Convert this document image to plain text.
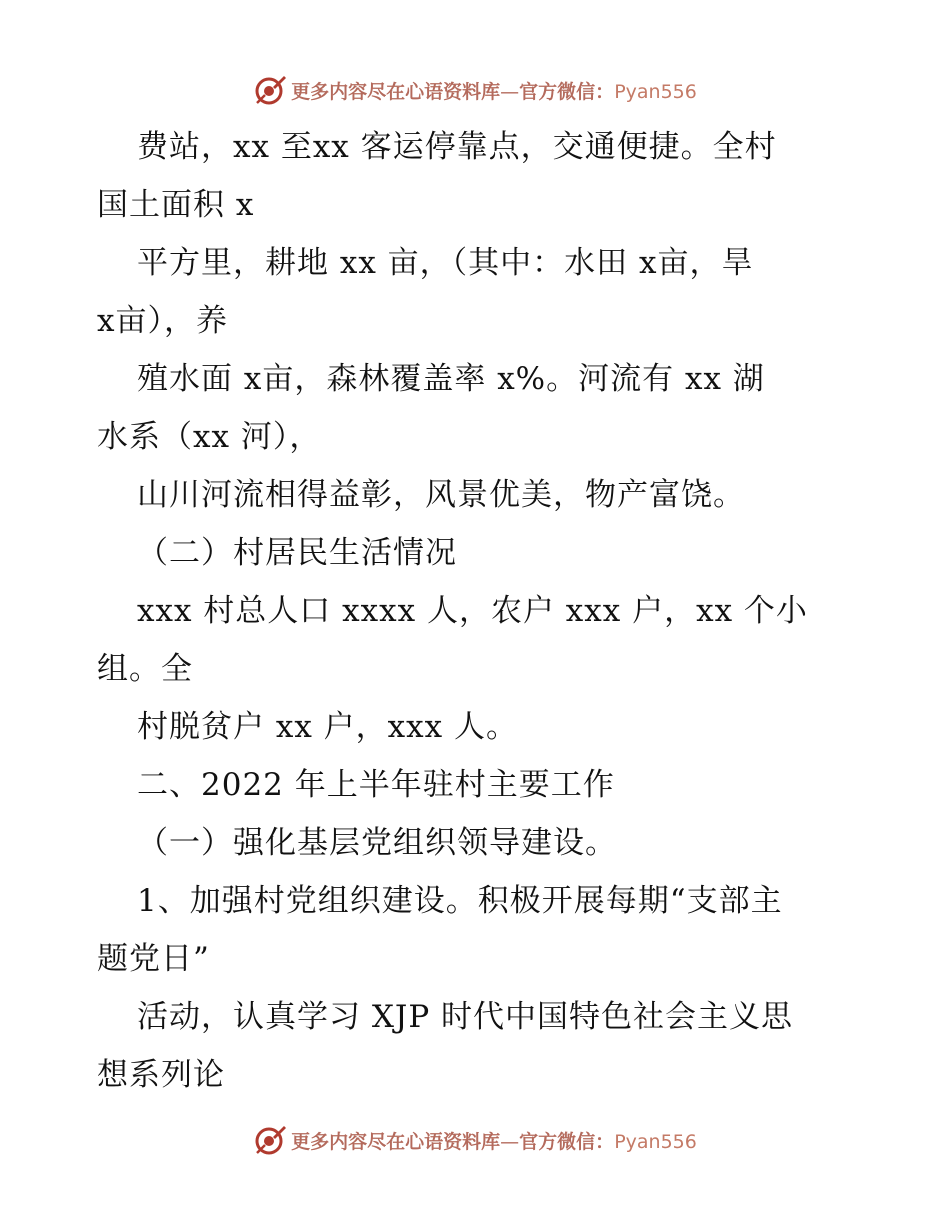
更多内容尽在心语资料库—官方微信：Pyan556
费站，xx 至xx 客运停靠点，交通便捷。全村
国土面积 x
平方里，耕地 xx 亩，（其中：水田 x亩，旱
x亩），养
殖水面 x亩，森林覆盖率 x%。河流有 xx 湖
水系（xx 河），
山川河流相得益彰，风景优美，物产富饶。
（二）村居民生活情况
xxx 村总人口 xxxx 人，农户 xxx 户，xx 个小
组。全
村脱贫户 xx 户，xxx 人。
二、2022 年上半年驻村主要工作
（一）强化基层党组织领导建设。
1、加强村党组织建设。积极开展每期“支部主
题党日”
活动，认真学习 XJP 时代中国特色社会主义思
想系列论
更多内容尽在心语资料库—官方微信：Pyan556
